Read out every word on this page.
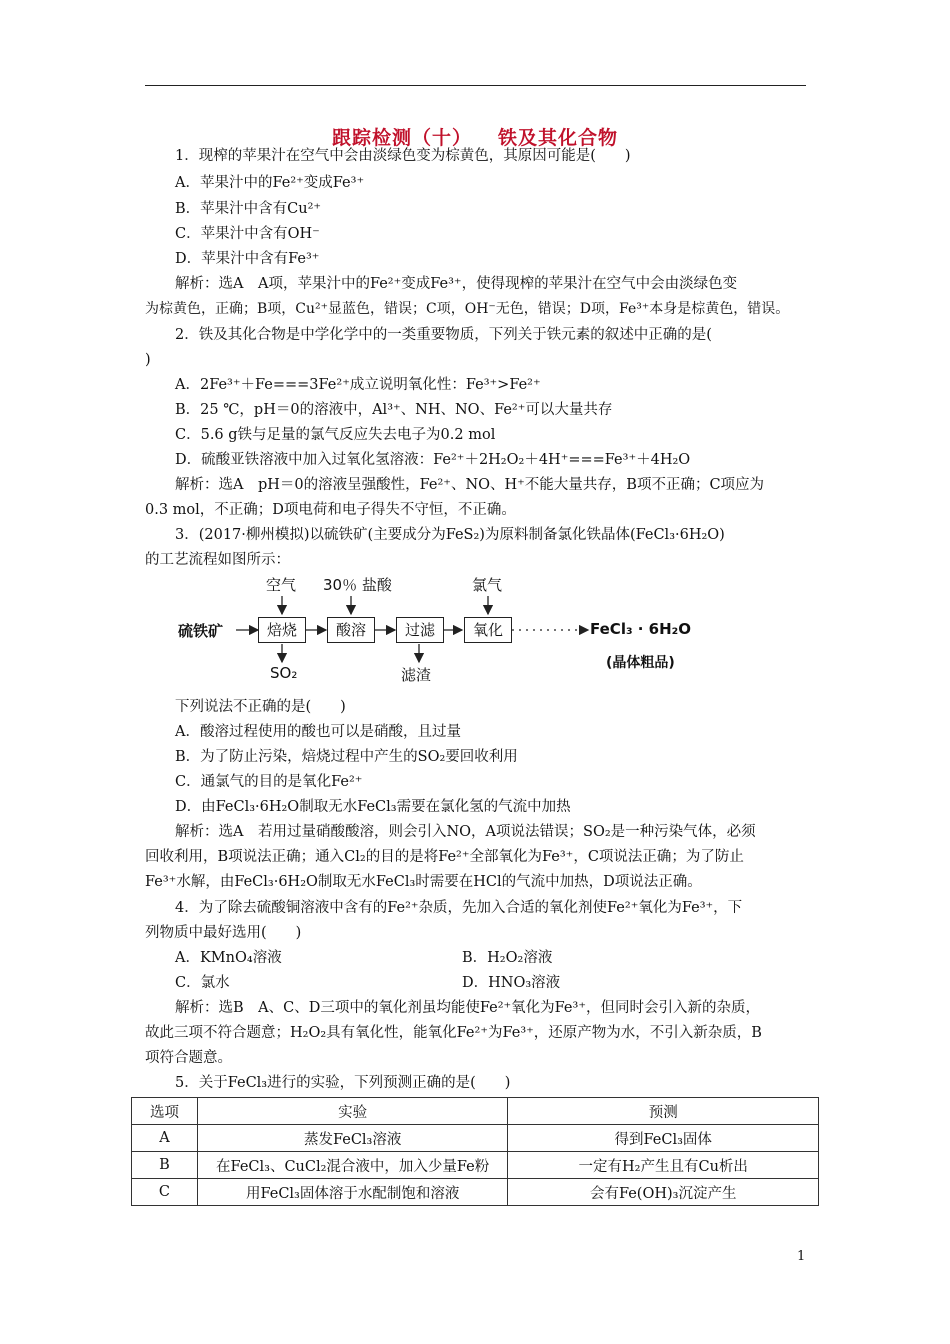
跟踪检测（十） 铁及其化合物
1．现榨的苹果汁在空气中会由淡绿色变为棕黄色，其原因可能是(　　)
A．苹果汁中的Fe²⁺变成Fe³⁺
B．苹果汁中含有Cu²⁺
C．苹果汁中含有OH⁻
D．苹果汁中含有Fe³⁺
解析：选A　A项，苹果汁中的Fe²⁺变成Fe³⁺，使得现榨的苹果汁在空气中会由淡绿色变
为棕黄色，正确；B项，Cu²⁺显蓝色，错误；C项，OH⁻无色，错误；D项，Fe³⁺本身是棕黄色，错误。
2．铁及其化合物是中学化学中的一类重要物质，下列关于铁元素的叙述中正确的是(
)
A．2Fe³⁺＋Fe===3Fe²⁺成立说明氧化性：Fe³⁺>Fe²⁺
B．25 ℃，pH＝0的溶液中，Al³⁺、NH、NO、Fe²⁺可以大量共存
C．5.6 g铁与足量的氯气反应失去电子为0.2 mol
D．硫酸亚铁溶液中加入过氧化氢溶液：Fe²⁺＋2H₂O₂＋4H⁺===Fe³⁺＋4H₂O
解析：选A　pH＝0的溶液呈强酸性，Fe²⁺、NO、H⁺不能大量共存，B项不正确；C项应为
0.3 mol，不正确；D项电荷和电子得失不守恒，不正确。
3．(2017·柳州模拟)以硫铁矿(主要成分为FeS₂)为原料制备氯化铁晶体(FeCl₃·6H₂O)
的工艺流程如图所示：
硫铁矿	焙烧	酸溶	过滤	氧化
空气 30％ 盐酸	氯气
SO₂	滤渣
FeCl₃ · 6H₂O
(晶体粗品)
下列说法不正确的是(　　)
A．酸溶过程使用的酸也可以是硝酸，且过量
B．为了防止污染，焙烧过程中产生的SO₂要回收利用
C．通氯气的目的是氧化Fe²⁺
D．由FeCl₃·6H₂O制取无水FeCl₃需要在氯化氢的气流中加热
解析：选A　若用过量硝酸酸溶，则会引入NO，A项说法错误；SO₂是一种污染气体，必须
回收利用，B项说法正确；通入Cl₂的目的是将Fe²⁺全部氧化为Fe³⁺，C项说法正确；为了防止
Fe³⁺水解，由FeCl₃·6H₂O制取无水FeCl₃时需要在HCl的气流中加热，D项说法正确。
4．为了除去硫酸铜溶液中含有的Fe²⁺杂质，先加入合适的氧化剂使Fe²⁺氧化为Fe³⁺，下
列物质中最好选用(　　)
A．KMnO₄溶液	B．H₂O₂溶液
C．氯水	D．HNO₃溶液
解析：选B　A、C、D三项中的氧化剂虽均能使Fe²⁺氧化为Fe³⁺，但同时会引入新的杂质，
故此三项不符合题意；H₂O₂具有氧化性，能氧化Fe²⁺为Fe³⁺，还原产物为水，不引入新杂质，B
项符合题意。
5．关于FeCl₃进行的实验，下列预测正确的是(　　)
选项	实验	预测
A	蒸发FeCl₃溶液	得到FeCl₃固体
B	在FeCl₃、CuCl₂混合液中，加入少量Fe粉	一定有H₂产生且有Cu析出
C	用FeCl₃固体溶于水配制饱和溶液	会有Fe(OH)₃沉淀产生
1
